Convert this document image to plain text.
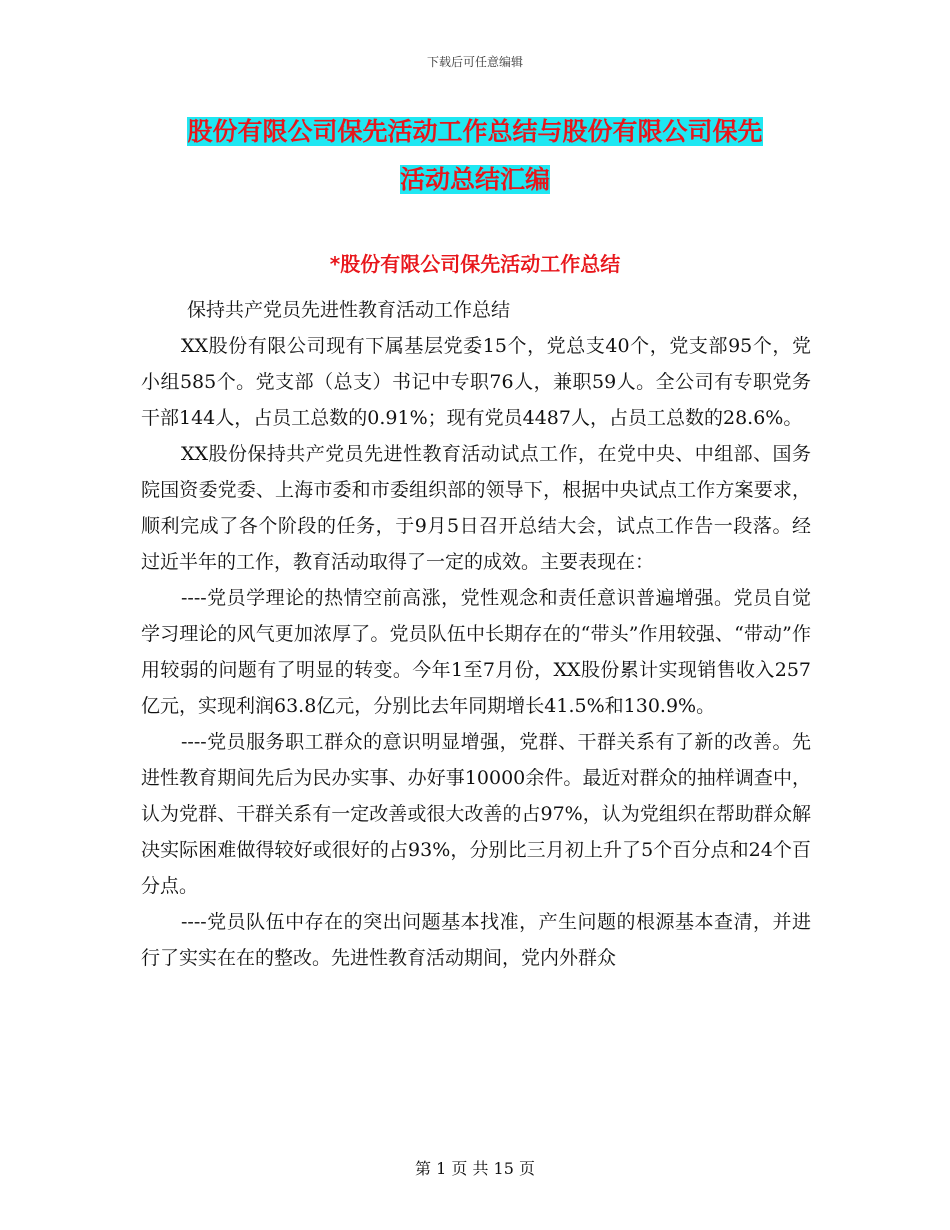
下载后可任意编辑
股份有限公司保先活动工作总结与股份有限公司保先
活动总结汇编
*股份有限公司保先活动工作总结

保持共产党员先进性教育活动工作总结

XX股份有限公司现有下属基层党委15个，党总支40个，党支部95个，党小组585个。党支部（总支）书记中专职76人，兼职59人。全公司有专职党务干部144人，占员工总数的0.91%；现有党员4487人，占员工总数的28.6%。

XX股份保持共产党员先进性教育活动试点工作，在党中央、中组部、国务院国资委党委、上海市委和市委组织部的领导下，根据中央试点工作方案要求，顺利完成了各个阶段的任务，于9月5日召开总结大会，试点工作告一段落。经过近半年的工作，教育活动取得了一定的成效。主要表现在：

----党员学理论的热情空前高涨，党性观念和责任意识普遍增强。党员自觉学习理论的风气更加浓厚了。党员队伍中长期存在的“带头”作用较强、“带动”作用较弱的问题有了明显的转变。今年1至7月份，XX股份累计实现销售收入257亿元，实现利润63.8亿元，分别比去年同期增长41.5%和130.9%。

----党员服务职工群众的意识明显增强，党群、干群关系有了新的改善。先进性教育期间先后为民办实事、办好事10000余件。最近对群众的抽样调查中，认为党群、干群关系有一定改善或很大改善的占97%，认为党组织在帮助群众解决实际困难做得较好或很好的占93%，分别比三月初上升了5个百分点和24个百分点。

----党员队伍中存在的突出问题基本找准，产生问题的根源基本查清，并进行了实实在在的整改。先进性教育活动期间，党内外群众

第 1 页 共 15 页
